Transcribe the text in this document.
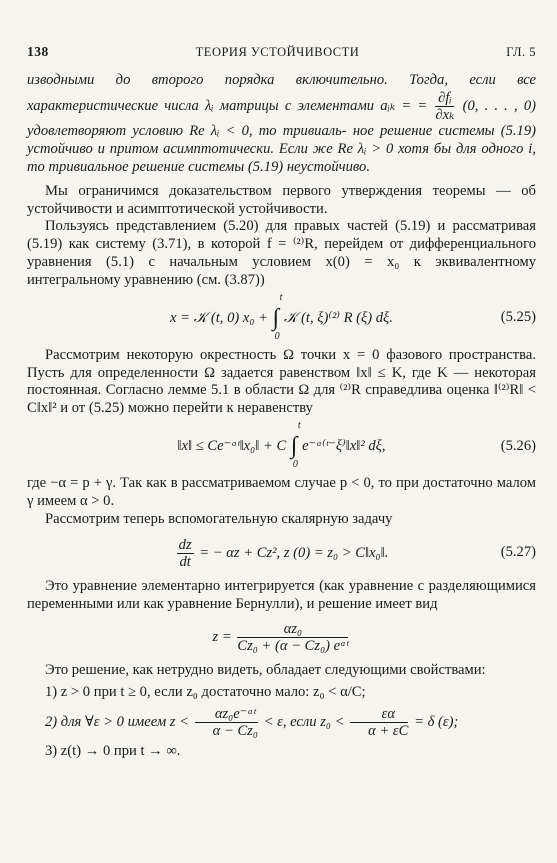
138	ТЕОРИЯ УСТОЙЧИВОСТИ	ГЛ. 5

изводными до второго порядка включительно. Тогда, если все характеристические числа λᵢ матрицы с элементами aᵢₖ = = $\frac{\text{∂fᵢ}}{\text{∂xₖ}} (0$, . . . , 0) удовлетворяют условию Re λᵢ < 0, то тривиаль- ное решение системы (5.19) устойчиво и притом асимптотически. Если же Re λᵢ > 0 хотя бы для одного i, то тривиальное решение системы (5.19) неустойчиво.

Мы ограничимся доказательством первого утверждения теоремы — об устойчивости и асимптотической устойчивости.

Пользуясь представлением (5.20) для правых частей (5.19) и рассматривая (5.19) как систему (3.71), в которой f = ⁽²⁾R, перейдем от дифференциального уравнения (5.1) с начальным условием x(0) = x₀ к эквивалентному интегральному уравнению (см. (3.87))

x = 𝒦 (t, 0) x₀ + ∫
t
0
𝒦 (t, ξ)⁽²⁾ R (ξ) dξ.	(5.25)

Рассмотрим некоторую окрестность Ω точки x = 0 фазового пространства. Пусть для определенности Ω задается равенством ‖x‖ ≤ K, где K — некоторая постоянная. Согласно лемме 5.1 в области Ω для ⁽²⁾R справедлива оценка ‖⁽²⁾R‖ < C‖x‖² и от (5.25) можно перейти к неравенству

‖x‖ ≤ Ce⁻ᵅᵗ‖x₀‖ + C ∫
t
0
e⁻ᵅ⁽ᵗ⁻ξ⁾‖x‖² dξ,	(5.26)

где −α = p + γ. Так как в рассматриваемом случае p < 0, то при достаточно малом γ имеем α > 0.

Рассмотрим теперь вспомогательную скалярную задачу

$\frac{dz}{dt}$ = − αz + Cz², z (0) = z₀ > C‖x₀‖.	(5.27)

Это уравнение элементарно интегрируется (как уравнение с разделяющимися переменными или как уравнение Бернулли), и решение имеет вид

$z = \frac{\text{αz₀}}{\text{Cz₀ + (α − Cz₀) eᵅᵗ}}$

Это решение, как нетрудно видеть, обладает следующими свойствами:

1) z > 0 при t ≥ 0, если z₀ достаточно мало: z₀ < α/C;

2) для ∀ε > 0 имеем $z < \frac{\text{αz₀e⁻ᵅᵗ}}{\text{α − Cz₀}} < \varepsilon$, если $z_0 < \frac{\varepsilon\alpha}{\alpha + \varepsilon C} = \delta$ (ε);

3) z(t) → 0 при t → ∞.
